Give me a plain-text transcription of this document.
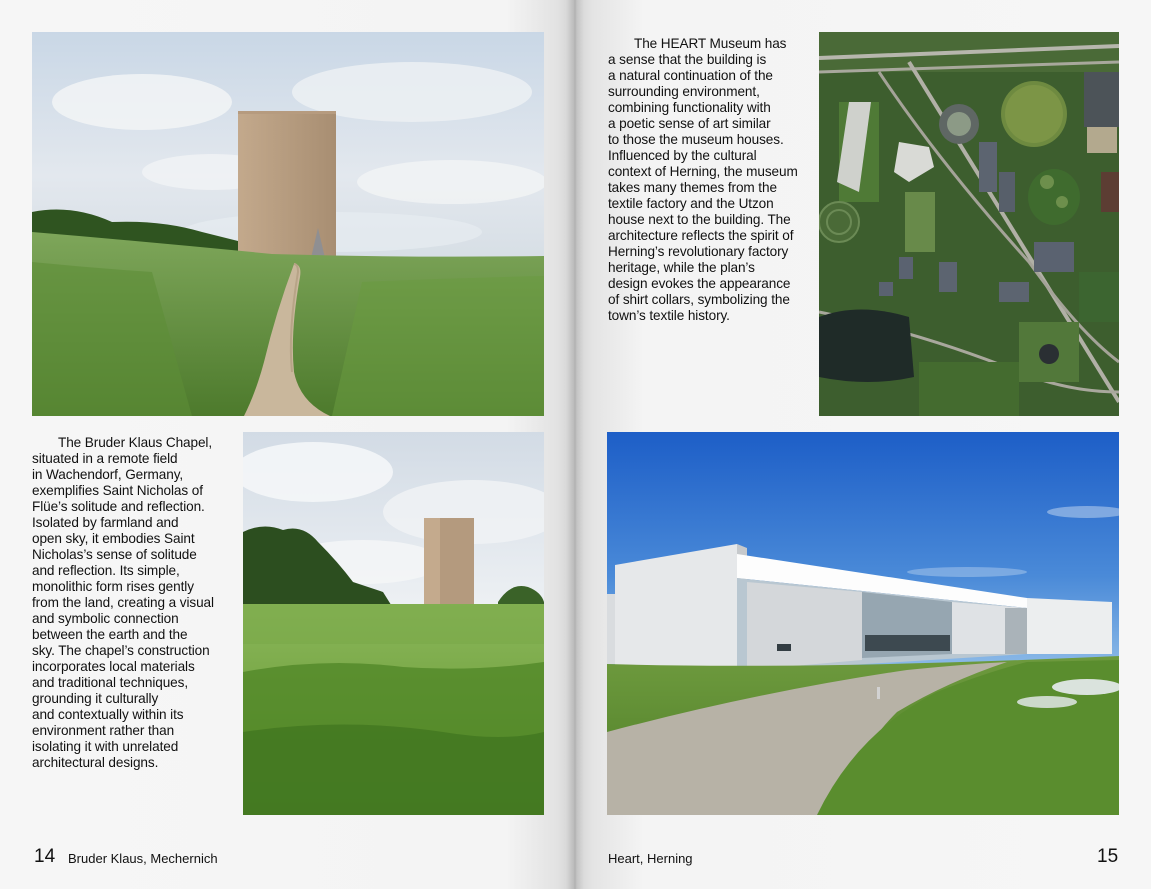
The Bruder Klaus Chapel,
situated in a remote field
in Wachendorf, Germany,
exemplifies Saint Nicholas of
Flüe’s solitude and reflection.
Isolated by farmland and
open sky, it embodies Saint
Nicholas’s sense of solitude
and reflection. Its simple,
monolithic form rises gently
from the land, creating a visual
and symbolic connection
between the earth and the
sky. The chapel’s construction
incorporates local materials
and traditional techniques,
grounding it culturally
and contextually within its
environment rather than
isolating it with unrelated
architectural designs.
The HEART Museum has
a sense that the building is
a natural continuation of the
surrounding environment,
combining functionality with
a poetic sense of art similar
to those the museum houses.
Influenced by the cultural
context of Herning, the museum
takes many themes from the
textile factory and the Utzon
house next to the building. The
architecture reflects the spirit of
Herning’s revolutionary factory
heritage, while the plan’s
design evokes the appearance
of shirt collars, symbolizing the
town’s textile history.
14 Bruder Klaus, Mechernich	Heart, Herning	15
